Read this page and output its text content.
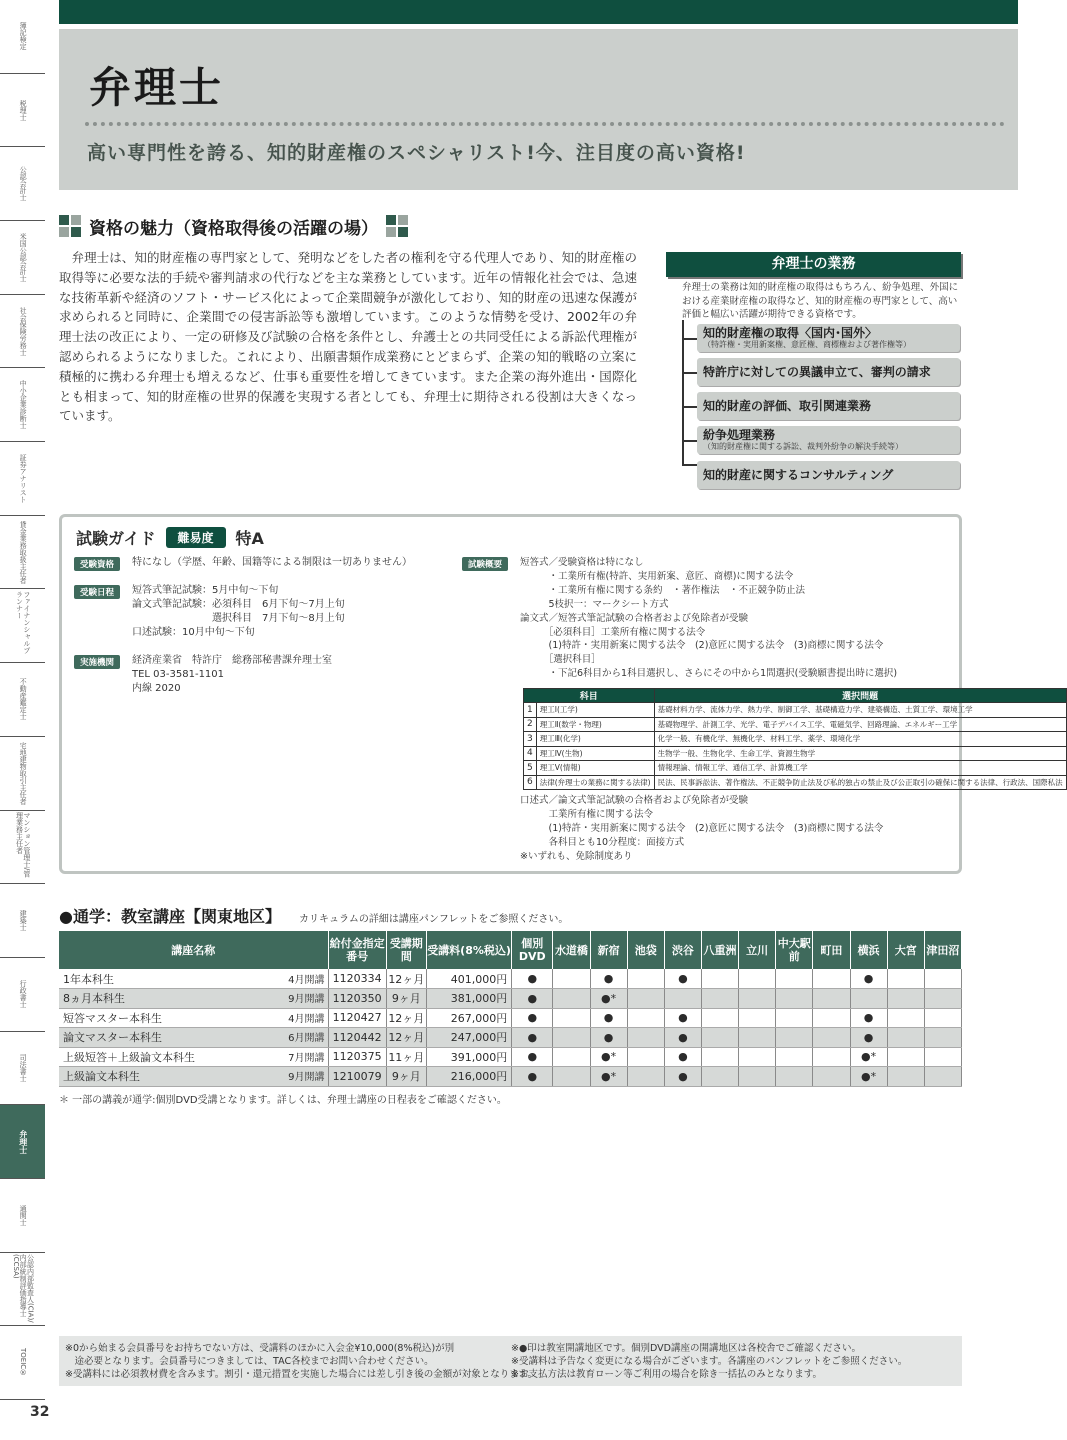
簿記検定
税理士
公認会計士
米国公認会計士
社会保険労務士
中小企業診断士
証券アナリスト
貸金業務取扱主任者
ファイナンシャルプランナー
不動産鑑定士
宅地建物取引主任者
マンション管理士/管理業務主任者
建築士
行政書士
司法書士
弁理士
通関士
公認内部監査人(CIA)/内部統制評価指導士(CCSA)
TOEIC®
弁理士
高い専門性を誇る、知的財産権のスペシャリスト!今、注目度の高い資格!
資格の魅力（資格取得後の活躍の場）

弁理士は、知的財産権の専門家として、発明などをした者の権利を守る代理人であり、知的財産権の取得等に必要な法的手続や審判請求の代行などを主な業務としています。近年の情報化社会では、急速な技術革新や経済のソフト・サービス化によって企業間競争が激化しており、知的財産の迅速な保護が求められると同時に、企業間での侵害訴訟等も激増しています。このような情勢を受け、2002年の弁理士法の改正により、一定の研修及び試験の合格を条件とし、弁護士との共同受任による訴訟代理権が認められるようになりました。これにより、出願書類作成業務にとどまらず、企業の知的戦略の立案に積極的に携わる弁理士も増えるなど、仕事も重要性を増してきています。また企業の海外進出・国際化とも相まって、知的財産権の世界的保護を実現する者としても、弁理士に期待される役割は大きくなっています。

弁理士の業務
弁理士の業務は知的財産権の取得はもちろん、紛争処理、外国における産業財産権の取得など、知的財産権の専門家として、高い評価と幅広い活躍が期待できる資格です。
知的財産権の取得〈国内･国外〉
（特許権・実用新案権、意匠権、商標権および著作権等）
特許庁に対しての異議申立て、審判の請求
知的財産の評価、取引関連業務
紛争処理業務
（知的財産権に関する訴訟、裁判外紛争の解決手続等）
知的財産に関するコンサルティング
試験ガイド	難易度	特A
受験資格	特になし（学歴、年齢、国籍等による制限は一切ありません）
受験日程	短答式筆記試験：5月中旬～下旬
論文式筆記試験：必須科目　6月下旬～7月上旬
　　　　　　　　選択科目　7月下旬～8月上旬
口述試験：10月中旬～下旬
実施機関	経済産業省　特許庁　総務部秘書課弁理士室
TEL 03-3581-1101
内線 2020
試験概要	短答式／受験資格は特になし
　　　・工業所有権(特許、実用新案、意匠、商標)に関する法令
　　　・工業所有権に関する条約　・著作権法　・不正競争防止法
　　　5枝択一：マークシート方式
論文式／短答式筆記試験の合格者および免除者が受験
　　　［必須科目］工業所有権に関する法令
　　　(1)特許・実用新案に関する法令　(2)意匠に関する法令　(3)商標に関する法令
　　　［選択科目］
　　　・下記6科目から1科目選択し、さらにその中から1問選択(受験願書提出時に選択)
科目		選択問題
1	理工Ⅰ(工学)	基礎材料力学、流体力学、熱力学、制御工学、基礎構造力学、建築構造、土質工学、環境工学
2	理工Ⅱ(数学・物理)	基礎物理学、計測工学、光学、電子デバイス工学、電磁気学、回路理論、エネルギー工学
3	理工Ⅲ(化学)	化学一般、有機化学、無機化学、材料工学、薬学、環境化学
4	理工Ⅳ(生物)	生物学一般、生物化学、生命工学、資源生物学
5	理工Ⅴ(情報)	情報理論、情報工学、通信工学、計算機工学
6	法律(弁理士の業務に関する法律)	民法、民事訴訟法、著作権法、不正競争防止法及び私的独占の禁止及び公正取引の確保に関する法律、行政法、国際私法
口述式／論文式筆記試験の合格者および免除者が受験
　　　工業所有権に関する法令
　　　(1)特許・実用新案に関する法令　(2)意匠に関する法令　(3)商標に関する法令
　　　各科目とも10分程度：面接方式
※いずれも、免除制度あり
●通学：教室講座【関東地区】 カリキュラムの詳細は講座パンフレットをご参照ください。
講座名称	給付金指定番号	受講期間	受講料(8%税込)	個別DVD	水道橋	新宿	池袋	渋谷	八重洲	立川	中大駅前	町田	横浜	大宮	津田沼
1年本科生 4月開講	1120334	12ヶ月	401,000円	●		●		●					●		
8ヵ月本科生 9月開講	1120350	9ヶ月	381,000円	●		●*									
短答マスター本科生 4月開講	1120427	12ヶ月	267,000円	●		●		●					●		
論文マスター本科生 6月開講	1120442	12ヶ月	247,000円	●		●		●					●		
上級短答＋上級論文本科生 7月開講	1120375	11ヶ月	391,000円	●		●*		●					●*		
上級論文本科生 9月開講	1210079	9ヶ月	216,000円	●		●*		●					●*		
＊ 一部の講義が通学:個別DVD受講となります。詳しくは、弁理士講座の日程表をご確認ください。
※0から始まる会員番号をお持ちでない方は、受講料のほかに入会金¥10,000(8%税込)が別
　途必要となります。会員番号につきましては、TAC各校までお問い合わせください。
※受講料には必須教材費を含みます。割引・還元措置を実施した場合には差し引き後の金額が対象となります。
※●印は教室開講地区です。個別DVD講座の開講地区は各校舎でご確認ください。
※受講料は予告なく変更になる場合がございます。各講座のパンフレットをご参照ください。
※お支払方法は教育ローン等ご利用の場合を除き一括払のみとなります。
32
